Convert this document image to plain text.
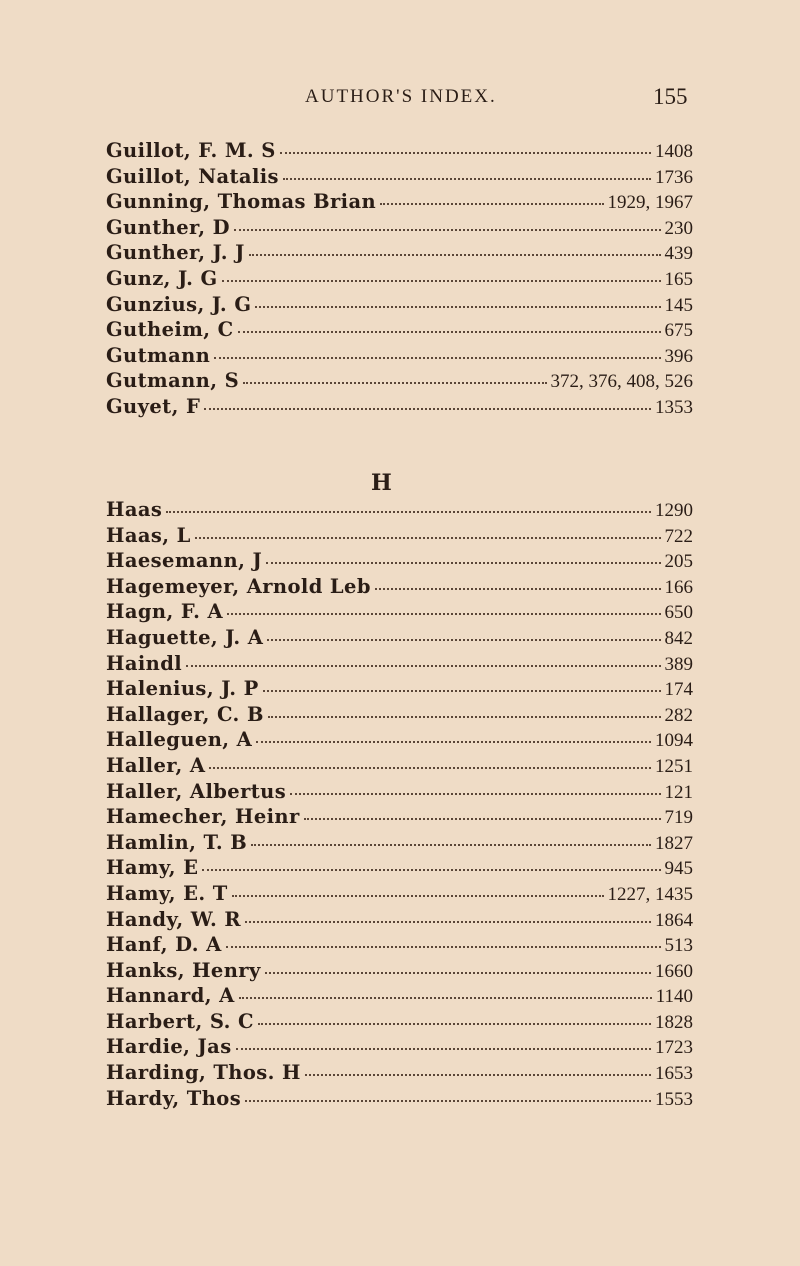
AUTHOR'S INDEX.	155
Guillot, F. M. S	1408
Guillot, Natalis	1736
Gunning, Thomas Brian	1929, 1967
Gunther, D	230
Gunther, J. J	439
Gunz, J. G	165
Gunzius, J. G	145
Gutheim, C	675
Gutmann	396
Gutmann, S	372, 376, 408, 526
Guyet, F	1353
H
Haas	1290
Haas, L	722
Haesemann, J	205
Hagemeyer, Arnold Leb	166
Hagn, F. A	650
Haguette, J. A	842
Haindl	389
Halenius, J. P	174
Hallager, C. B	282
Halleguen, A	1094
Haller, A	1251
Haller, Albertus	121
Hamecher, Heinr	719
Hamlin, T. B	1827
Hamy, E	945
Hamy, E. T	1227, 1435
Handy, W. R	1864
Hanf, D. A	513
Hanks, Henry	1660
Hannard, A	1140
Harbert, S. C	1828
Hardie, Jas	1723
Harding, Thos. H	1653
Hardy, Thos	1553
